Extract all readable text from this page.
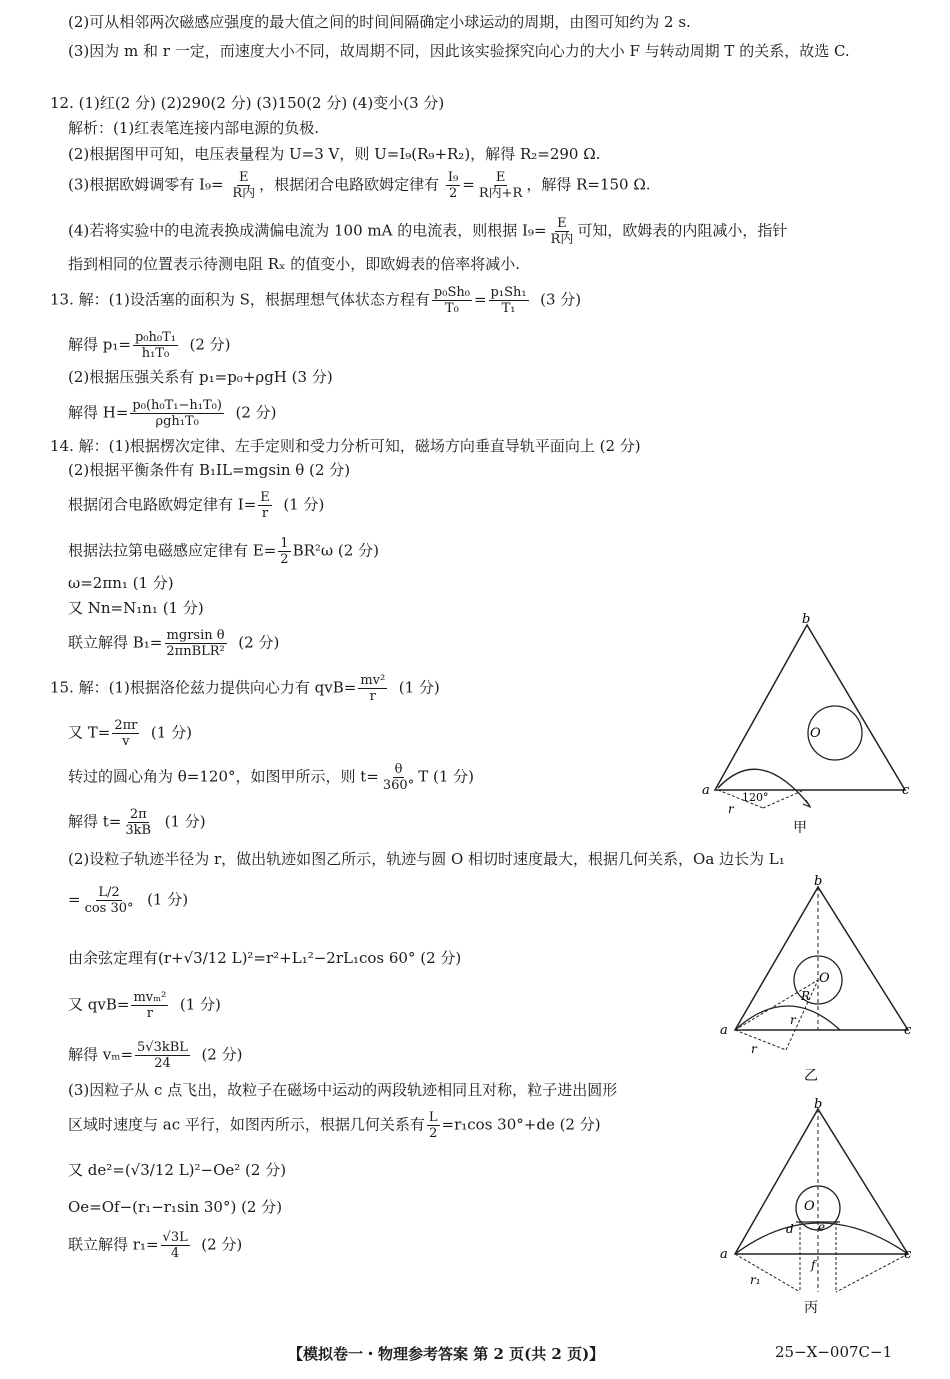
(2)可从相邻两次磁感应强度的最大值之间的时间间隔确定小球运动的周期，由图可知约为 2 s.
(3)因为 m 和 r 一定，而速度大小不同，故周期不同，因此该实验探究向心力的大小 F 与转动周期 T 的关系，故选 C.
12. (1)红(2 分) (2)290(2 分) (3)150(2 分) (4)变小(3 分)
解析：(1)红表笔连接内部电源的负极.
(2)根据图甲可知，电压表量程为 U=3 V，则 U=I₉(R₉+R₂)，解得 R₂=290 Ω.
(3)根据欧姆调零有 $I_9= \frac{E}{\text{R内}}$ ，根据闭合电路欧姆定律有 $\frac{\text{I₉}}{2} = \frac{E}{\text{R内+R}}$ ，解得 R=150 Ω.
(4)若将实验中的电流表换成满偏电流为 100 mA 的电流表，则根据 $I_9= \frac{E}{\text{R内}}$ 可知，欧姆表的内阻减小，指针
指到相同的位置表示待测电阻 Rₓ 的值变小，即欧姆表的倍率将减小.
13. 解：(1)设活塞的面积为 S，根据理想气体状态方程有 $\frac{\text{p₀Sh₀}}{\text{T₀}} = \frac{\text{p₁Sh₁}}{\text{T₁}} (3$ 分)
解得 $p_1= \frac{\text{p₀h₀T₁}}{\text{h₁T₀}} (2$ 分)
(2)根据压强关系有 p₁=p₀+ρgH (3 分)
解得 $H= \frac{\text{p₀(h₀T₁−h₁T₀)}}{\text{ρgh₁T₀}} (2$ 分)
14. 解：(1)根据楞次定律、左手定则和受力分析可知，磁场方向垂直导轨平面向上 (2 分)
(2)根据平衡条件有 B₁IL=mgsin θ (2 分)
根据闭合电路欧姆定律有 $I= \frac{E}{r} (1$ 分)
根据法拉第电磁感应定律有 $E= \frac{1}{2} BR^2\omega$ (2 分)
ω=2πn₁ (1 分)
又 Nn=N₁n₁ (1 分)
联立解得 $B_1= \frac{\text{mgrsin θ}}{\text{2πnBLR²}} (2$ 分)
15. 解：(1)根据洛伦兹力提供向心力有 $qvB= \frac{\text{mv²}}{r} (1$ 分)
又 $T= \frac{2\pi r}{v} (1$ 分)
转过的圆心角为 θ=120°，如图甲所示，则 $t= \frac{\theta}{360^\circ}$ T (1 分)
解得 $t= \frac{2\pi}{3kB} (1$ 分)
(2)设粒子轨迹半径为 r，做出轨迹如图乙所示，轨迹与圆 O 相切时速度最大，根据几何关系，Oa 边长为 L₁
= $\frac{L/2}{\cos 30^\circ} (1$ 分)
由余弦定理有(r+√3/12 L)²=r²+L₁²−2rL₁cos 60° (2 分)
又 $qvB= \frac{\text{mvₘ²}}{r} (1$ 分)
解得 $v_m= \frac{\text{5√3kBL}}{24} (2$ 分)
(3)因粒子从 c 点飞出，故粒子在磁场中运动的两段轨迹相同且对称，粒子进出圆形
区域时速度与 ac 平行，如图丙所示，根据几何关系有 $\frac{L}{2} =r_1\cos$ 30°+de (2 分)
又 de²=(√3/12 L)²−Oe² (2 分)
Oe=Of−(r₁−r₁sin 30°) (2 分)
联立解得 $r_1= \frac{√3L}{4} (2$ 分)
a
b
c
O
120°
r
甲
a
b
c
O
R
r
r
乙
a
b
c
O
d e
f
r₁
丙
【模拟卷一・物理参考答案 第 2 页(共 2 页)】	25−X−007C−1
